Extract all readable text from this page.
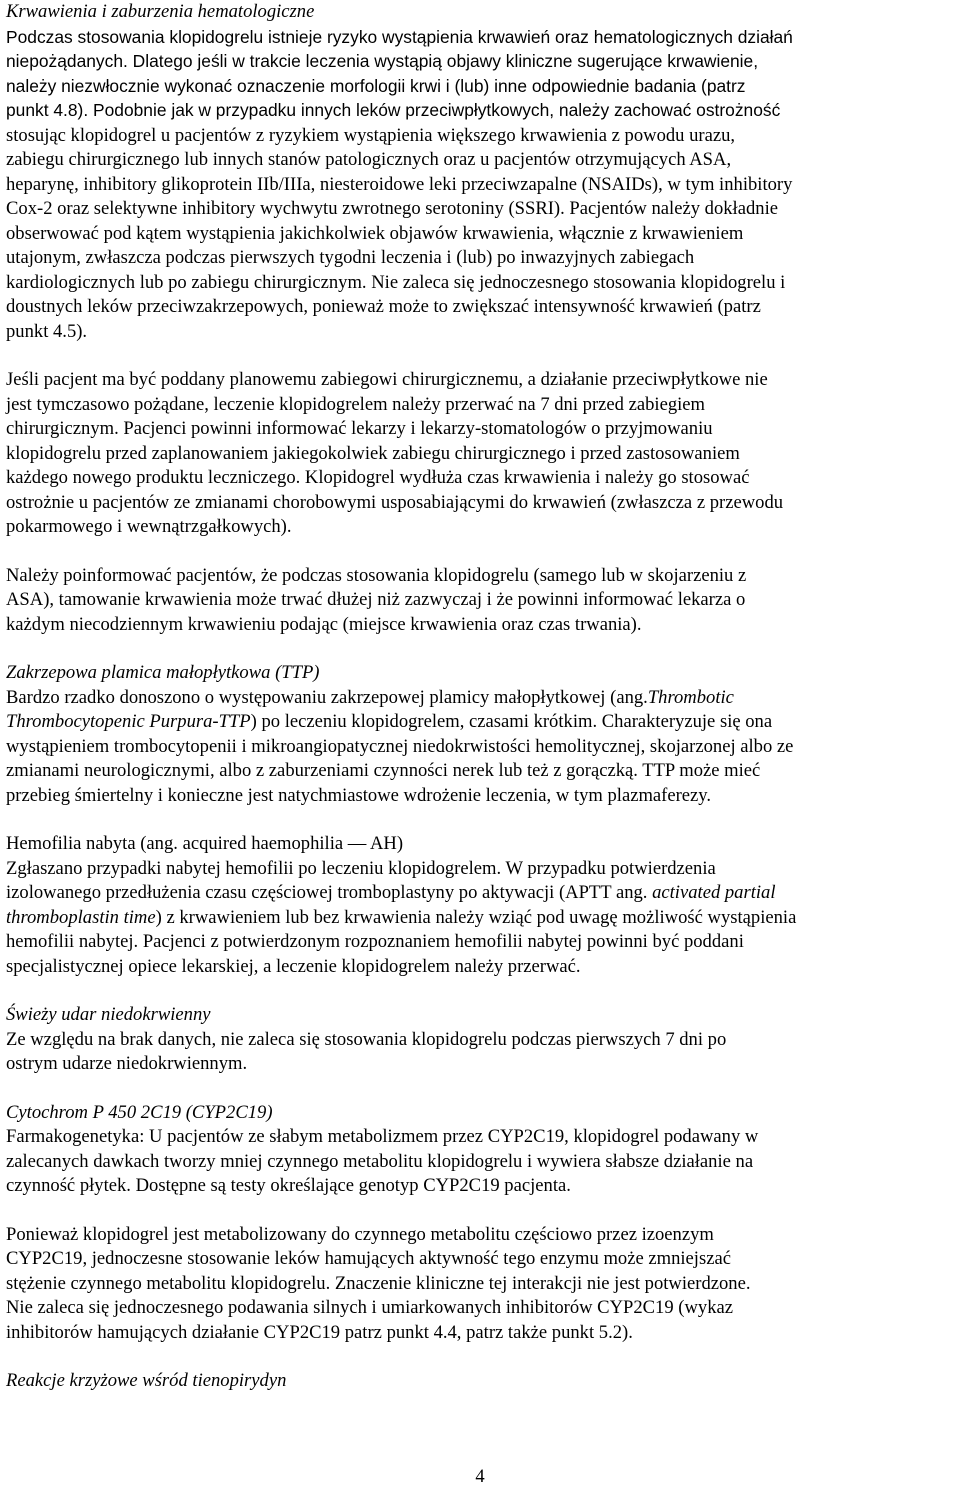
Krwawienia i zaburzenia hematologiczne

Podczas stosowania klopidogrelu istnieje ryzyko wystąpienia krwawień oraz hematologicznych działań

niepożądanych. Dlatego jeśli w trakcie leczenia wystąpią objawy kliniczne sugerujące krwawienie,

należy niezwłocznie wykonać oznaczenie morfologii krwi i (lub) inne odpowiednie badania (patrz

punkt 4.8). Podobnie jak w przypadku innych leków przeciwpłytkowych, należy zachować ostrożność

stosując klopidogrel u pacjentów z ryzykiem wystąpienia większego krwawienia z powodu urazu,

zabiegu chirurgicznego lub innych stanów patologicznych oraz u pacjentów otrzymujących ASA,

heparynę, inhibitory glikoprotein IIb/IIIa, niesteroidowe leki przeciwzapalne (NSAIDs), w tym inhibitory

Cox-2 oraz selektywne inhibitory wychwytu zwrotnego serotoniny (SSRI). Pacjentów należy dokładnie

obserwować pod kątem wystąpienia jakichkolwiek objawów krwawienia, włącznie z krwawieniem

utajonym, zwłaszcza podczas pierwszych tygodni leczenia i (lub) po inwazyjnych zabiegach

kardiologicznych lub po zabiegu chirurgicznym. Nie zaleca się jednoczesnego stosowania klopidogrelu i

doustnych leków przeciwzakrzepowych, ponieważ może to zwiększać intensywność krwawień (patrz

punkt 4.5).

Jeśli pacjent ma być poddany planowemu zabiegowi chirurgicznemu, a działanie przeciwpłytkowe nie

jest tymczasowo pożądane, leczenie klopidogrelem należy przerwać na 7 dni przed zabiegiem

chirurgicznym. Pacjenci powinni informować lekarzy i lekarzy-stomatologów o przyjmowaniu

klopidogrelu przed zaplanowaniem jakiegokolwiek zabiegu chirurgicznego i przed zastosowaniem

każdego nowego produktu leczniczego. Klopidogrel wydłuża czas krwawienia i należy go stosować

ostrożnie u pacjentów ze zmianami chorobowymi usposabiającymi do krwawień (zwłaszcza z przewodu

pokarmowego i wewnątrzgałkowych).

Należy poinformować pacjentów, że podczas stosowania klopidogrelu (samego lub w skojarzeniu z

ASA), tamowanie krwawienia może trwać dłużej niż zazwyczaj i że powinni informować lekarza o

każdym niecodziennym krwawieniu podając (miejsce krwawienia oraz czas trwania).

Zakrzepowa plamica małopłytkowa (TTP)

Bardzo rzadko donoszono o występowaniu zakrzepowej plamicy małopłytkowej (ang.Thrombotic

Thrombocytopenic Purpura-TTP) po leczeniu klopidogrelem, czasami krótkim. Charakteryzuje się ona

wystąpieniem trombocytopenii i mikroangiopatycznej niedokrwistości hemolitycznej, skojarzonej albo ze

zmianami neurologicznymi, albo z zaburzeniami czynności nerek lub też z gorączką. TTP może mieć

przebieg śmiertelny i konieczne jest natychmiastowe wdrożenie leczenia, w tym plazmaferezy.

Hemofilia nabyta (ang. acquired haemophilia — AH)

Zgłaszano przypadki nabytej hemofilii po leczeniu klopidogrelem. W przypadku potwierdzenia

izolowanego przedłużenia czasu częściowej tromboplastyny po aktywacji (APTT ang. activated partial

thromboplastin time) z krwawieniem lub bez krwawienia należy wziąć pod uwagę możliwość wystąpienia

hemofilii nabytej. Pacjenci z potwierdzonym rozpoznaniem hemofilii nabytej powinni być poddani

specjalistycznej opiece lekarskiej, a leczenie klopidogrelem należy przerwać.

Świeży udar niedokrwienny

Ze względu na brak danych, nie zaleca się stosowania klopidogrelu podczas pierwszych 7 dni po

ostrym udarze niedokrwiennym.

Cytochrom P 450 2C19 (CYP2C19)

Farmakogenetyka: U pacjentów ze słabym metabolizmem przez CYP2C19, klopidogrel podawany w

zalecanych dawkach tworzy mniej czynnego metabolitu klopidogrelu i wywiera słabsze działanie na

czynność płytek. Dostępne są testy określające genotyp CYP2C19 pacjenta.

Ponieważ klopidogrel jest metabolizowany do czynnego metabolitu częściowo przez izoenzym

CYP2C19, jednoczesne stosowanie leków hamujących aktywność tego enzymu może zmniejszać

stężenie czynnego metabolitu klopidogrelu. Znaczenie kliniczne tej interakcji nie jest potwierdzone.

Nie zaleca się jednoczesnego podawania silnych i umiarkowanych inhibitorów CYP2C19 (wykaz

inhibitorów hamujących działanie CYP2C19 patrz punkt 4.4, patrz także punkt 5.2).

Reakcje krzyżowe wśród tienopirydyn

4
